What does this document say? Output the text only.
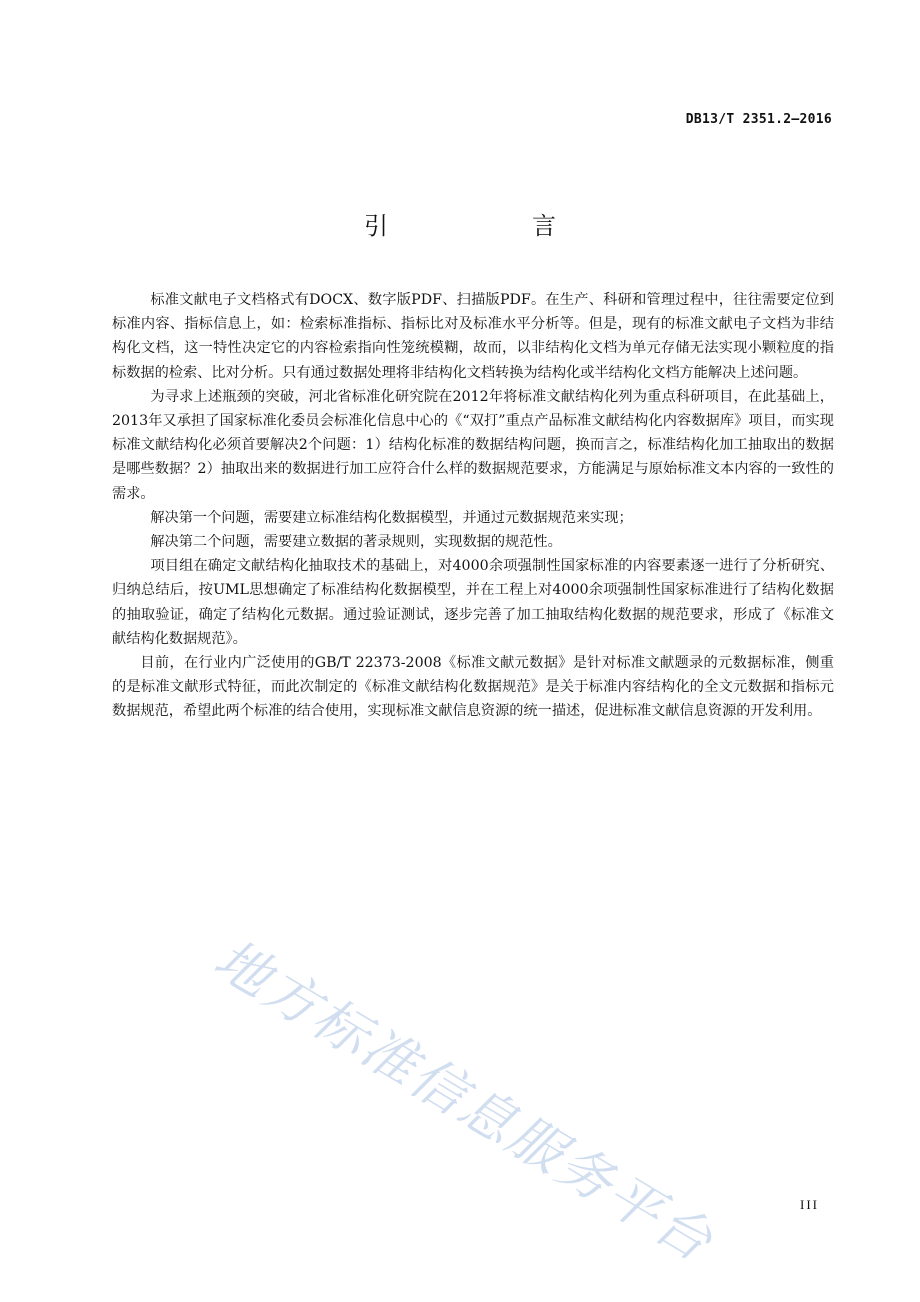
DB13/T 2351.2—2016
引　言

标准文献电子文档格式有DOCX、数字版PDF、扫描版PDF。在生产、科研和管理过程中，往往需要定位到标准内容、指标信息上，如：检索标准指标、指标比对及标准水平分析等。但是，现有的标准文献电子文档为非结构化文档，这一特性决定它的内容检索指向性笼统模糊，故而，以非结构化文档为单元存储无法实现小颗粒度的指标数据的检索、比对分析。只有通过数据处理将非结构化文档转换为结构化或半结构化文档方能解决上述问题。

为寻求上述瓶颈的突破，河北省标准化研究院在2012年将标准文献结构化列为重点科研项目，在此基础上，2013年又承担了国家标准化委员会标准化信息中心的《“双打”重点产品标准文献结构化内容数据库》项目，而实现标准文献结构化必须首要解决2个问题：1）结构化标准的数据结构问题，换而言之，标准结构化加工抽取出的数据是哪些数据？2）抽取出来的数据进行加工应符合什么样的数据规范要求，方能满足与原始标准文本内容的一致性的需求。

解决第一个问题，需要建立标准结构化数据模型，并通过元数据规范来实现；

解决第二个问题，需要建立数据的著录规则，实现数据的规范性。

项目组在确定文献结构化抽取技术的基础上，对4000余项强制性国家标准的内容要素逐一进行了分析研究、归纳总结后，按UML思想确定了标准结构化数据模型，并在工程上对4000余项强制性国家标准进行了结构化数据的抽取验证，确定了结构化元数据。通过验证测试，逐步完善了加工抽取结构化数据的规范要求，形成了《标准文献结构化数据规范》。

目前，在行业内广泛使用的GB/T 22373-2008《标准文献元数据》是针对标准文献题录的元数据标准，侧重的是标准文献形式特征，而此次制定的《标准文献结构化数据规范》是关于标准内容结构化的全文元数据和指标元数据规范，希望此两个标准的结合使用，实现标准文献信息资源的统一描述，促进标准文献信息资源的开发利用。

地方标准信息服务平台	III
